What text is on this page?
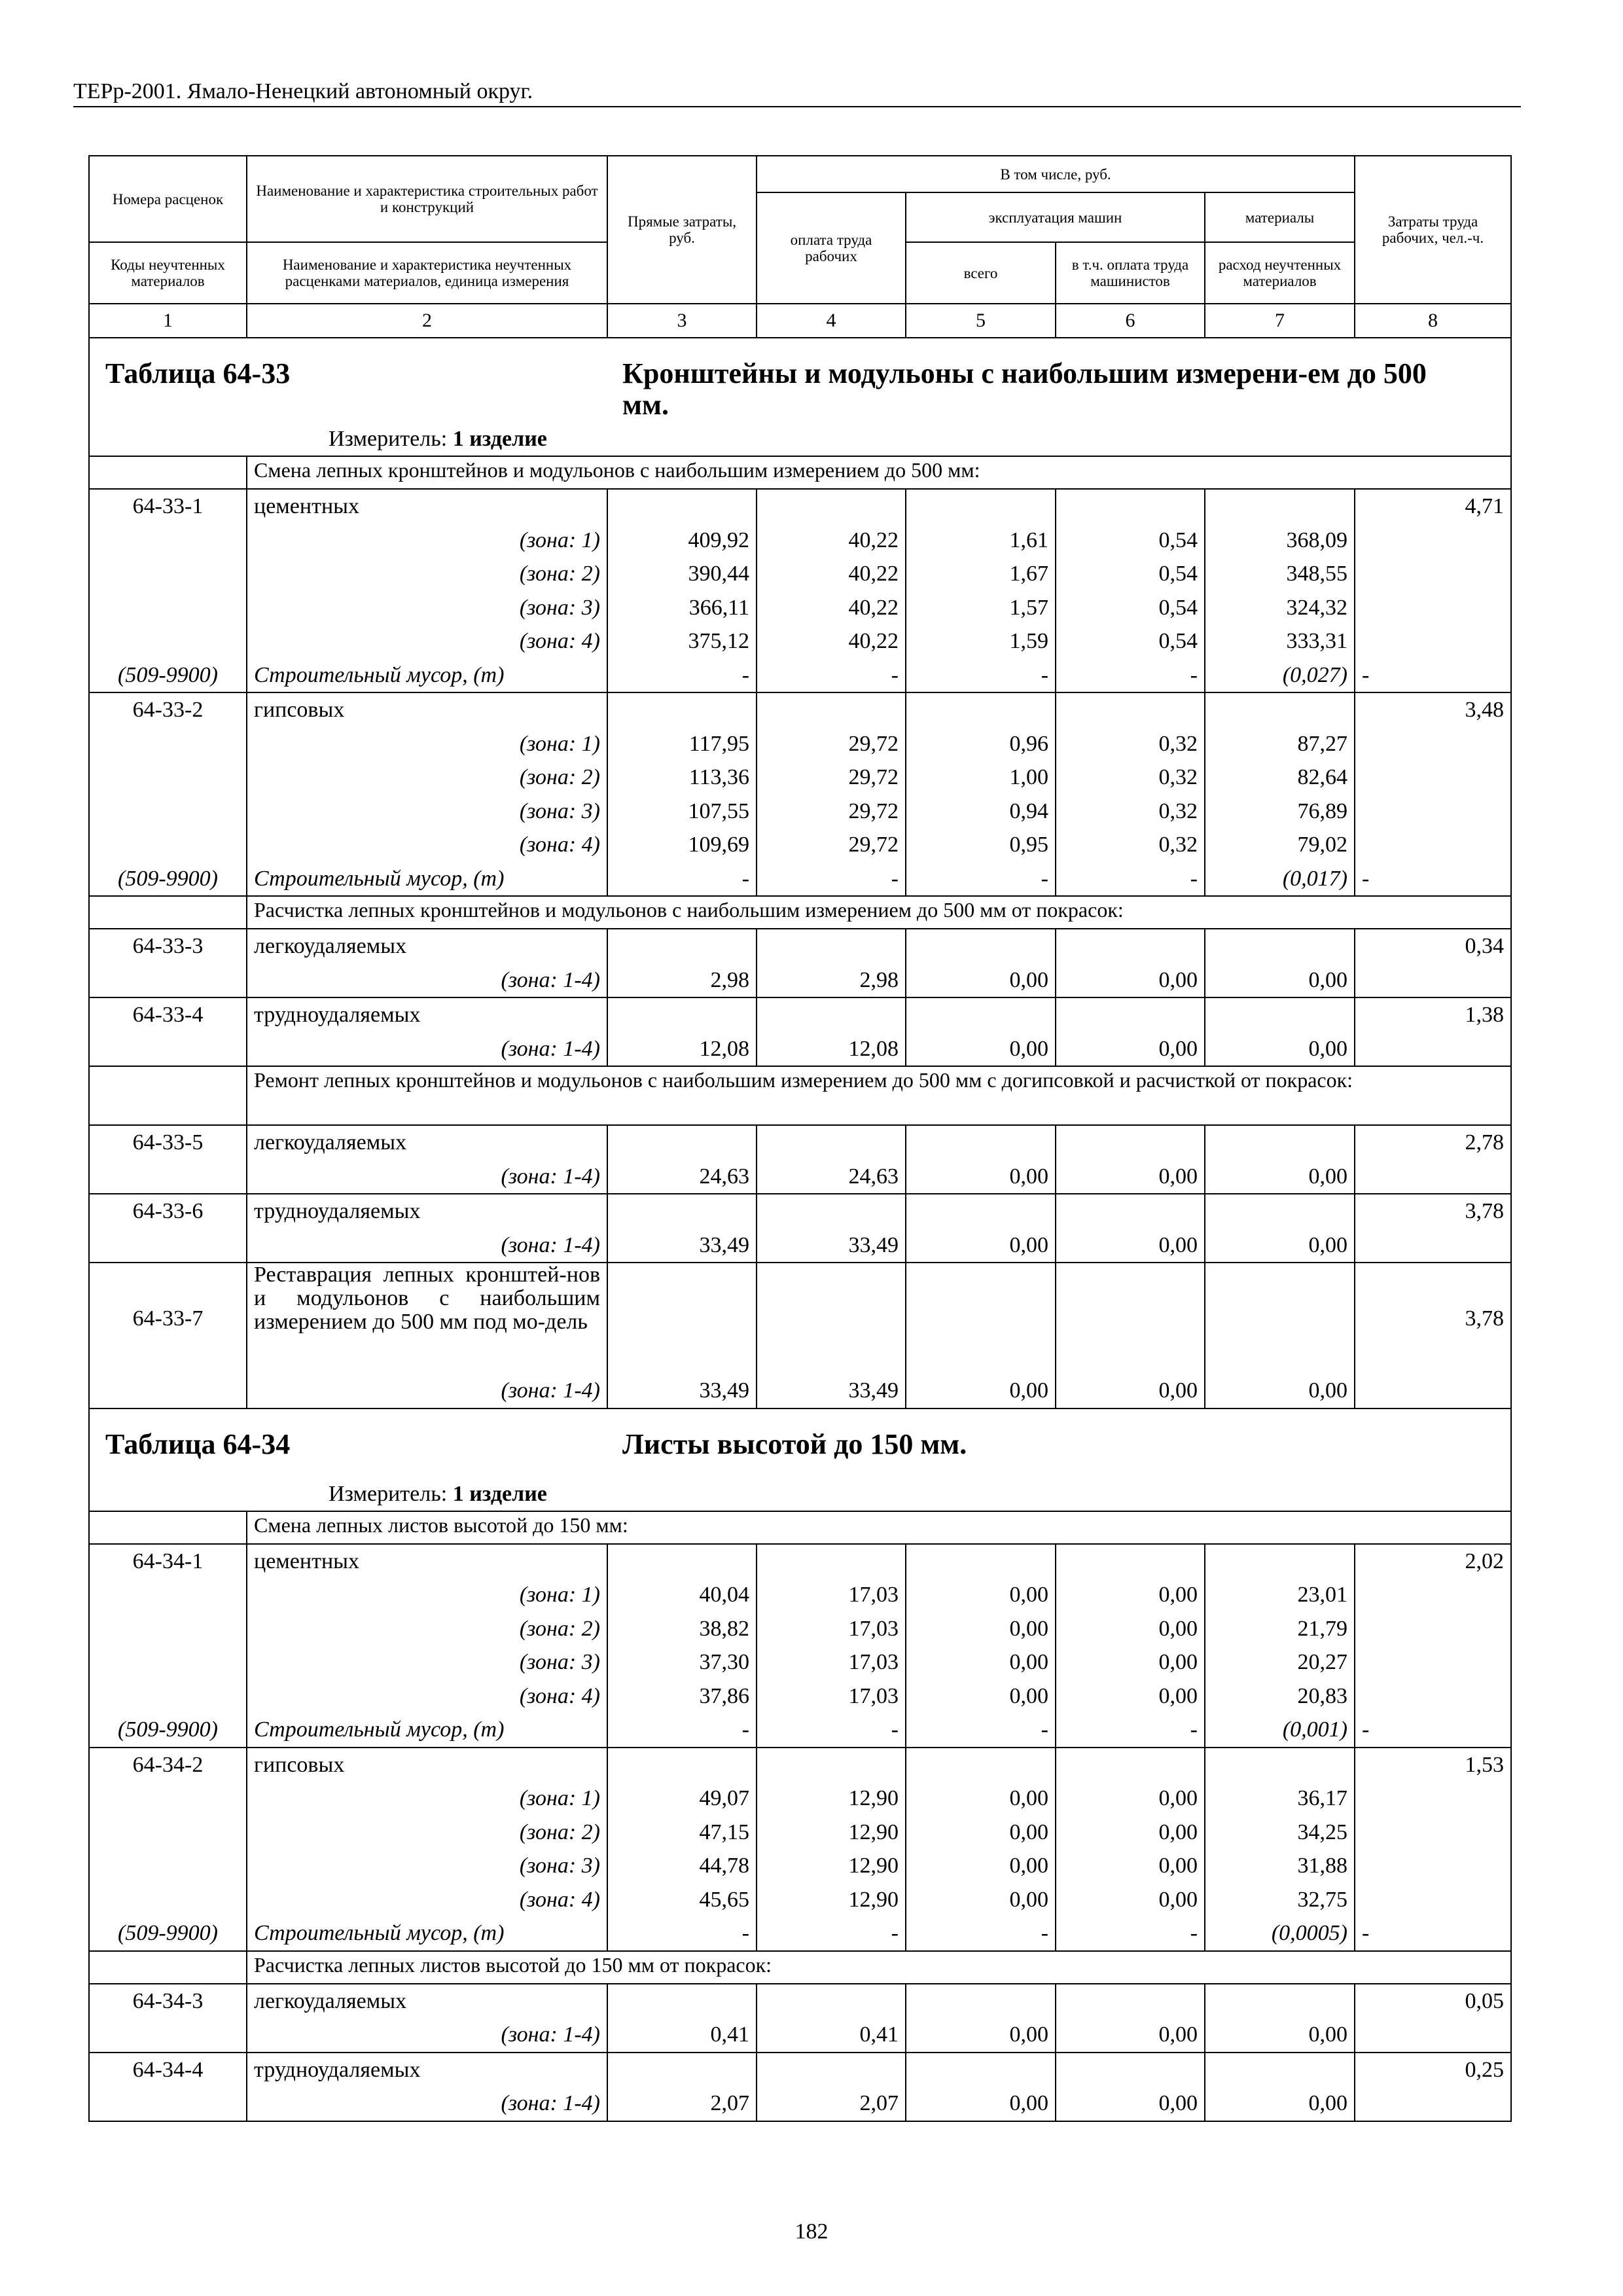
ТЕРр-2001. Ямало-Ненецкий автономный округ.
Номера расценок	Наименование и характеристика строительных работ и конструкций	Прямые затраты, руб.	В том числе, руб.				Затраты труда рабочих, чел.-ч.
			оплата труда рабочих	эксплуатация машин		материалы	
Коды неучтенных материалов	Наименование и характеристика неучтенных расценками материалов, единица измерения			всего	в т.ч. оплата труда машинистов	расход неучтенных материалов	
1	2	3	4	5	6	7	8
Таблица 64-33 Кронштейны и модульоны с наибольшим измерени-ем до 500 мм.							
Измеритель: 1 изделие							
	Смена лепных кронштейнов и модульонов с наибольшим измерением до 500 мм:						
64-33-1	цементных						4,71
	(зона: 1)	409,92	40,22	1,61	0,54	368,09	
	(зона: 2)	390,44	40,22	1,67	0,54	348,55	
	(зона: 3)	366,11	40,22	1,57	0,54	324,32	
	(зона: 4)	375,12	40,22	1,59	0,54	333,31	
(509-9900)	Строительный мусор, (т)	-	-	-	-	(0,027)	-
64-33-2	гипсовых						3,48
	(зона: 1)	117,95	29,72	0,96	0,32	87,27	
	(зона: 2)	113,36	29,72	1,00	0,32	82,64	
	(зона: 3)	107,55	29,72	0,94	0,32	76,89	
	(зона: 4)	109,69	29,72	0,95	0,32	79,02	
(509-9900)	Строительный мусор, (т)	-	-	-	-	(0,017)	-
	Расчистка лепных кронштейнов и модульонов с наибольшим измерением до 500 мм от покрасок:						
64-33-3	легкоудаляемых						0,34
	(зона: 1-4)	2,98	2,98	0,00	0,00	0,00	
64-33-4	трудноудаляемых						1,38
	(зона: 1-4)	12,08	12,08	0,00	0,00	0,00	
	Ремонт лепных кронштейнов и модульонов с наибольшим измерением до 500 мм с догипсовкой и расчисткой от покрасок:						
64-33-5	легкоудаляемых						2,78
	(зона: 1-4)	24,63	24,63	0,00	0,00	0,00	
64-33-6	трудноудаляемых						3,78
	(зона: 1-4)	33,49	33,49	0,00	0,00	0,00	
64-33-7	Реставрация лепных кронштей-нов и модульонов с наибольшим измерением до 500 мм под мо-дель						3,78
	(зона: 1-4)	33,49	33,49	0,00	0,00	0,00	
Таблица 64-34 Листы высотой до 150 мм.							
Измеритель: 1 изделие							
	Смена лепных листов высотой до 150 мм:						
64-34-1	цементных						2,02
	(зона: 1)	40,04	17,03	0,00	0,00	23,01	
	(зона: 2)	38,82	17,03	0,00	0,00	21,79	
	(зона: 3)	37,30	17,03	0,00	0,00	20,27	
	(зона: 4)	37,86	17,03	0,00	0,00	20,83	
(509-9900)	Строительный мусор, (т)	-	-	-	-	(0,001)	-
64-34-2	гипсовых						1,53
	(зона: 1)	49,07	12,90	0,00	0,00	36,17	
	(зона: 2)	47,15	12,90	0,00	0,00	34,25	
	(зона: 3)	44,78	12,90	0,00	0,00	31,88	
	(зона: 4)	45,65	12,90	0,00	0,00	32,75	
(509-9900)	Строительный мусор, (т)	-	-	-	-	(0,0005)	-
	Расчистка лепных листов высотой до 150 мм от покрасок:						
64-34-3	легкоудаляемых						0,05
	(зона: 1-4)	0,41	0,41	0,00	0,00	0,00	
64-34-4	трудноудаляемых						0,25
	(зона: 1-4)	2,07	2,07	0,00	0,00	0,00	
182
